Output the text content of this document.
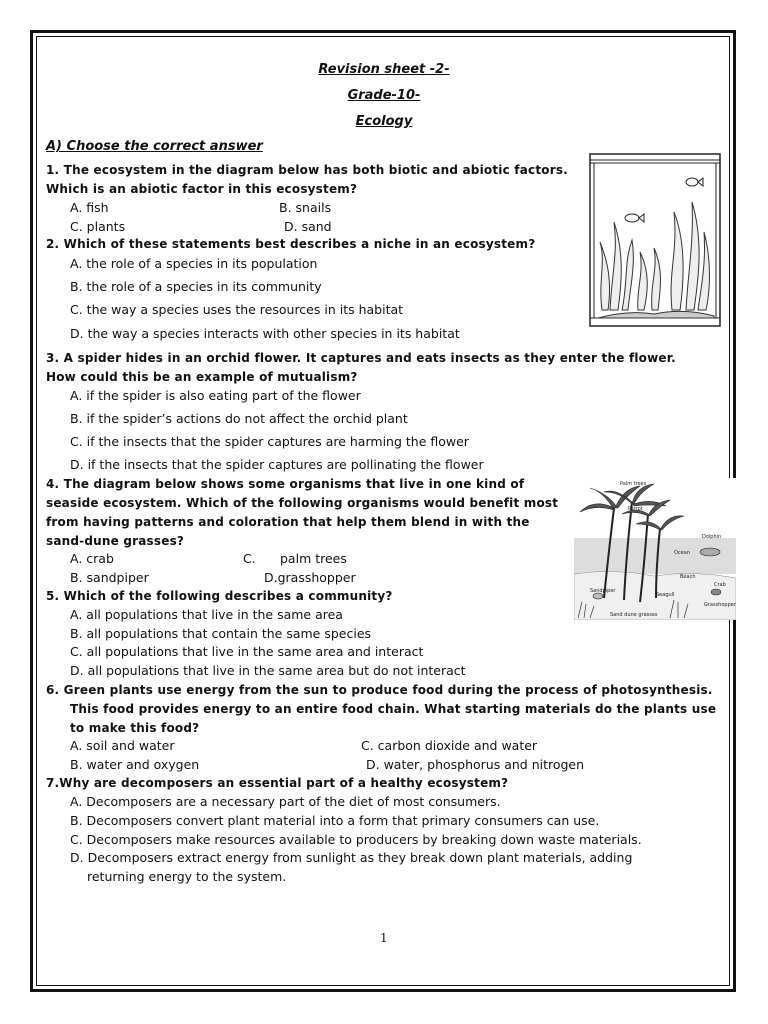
Revision sheet -2-
Grade-10-
Ecology
A) Choose the correct answer
1. The ecosystem in the diagram below has both biotic and abiotic factors.
Which is an abiotic factor in this ecosystem?
A. fish	B. snails
C. plants	D. sand
2. Which of these statements best describes a niche in an ecosystem?
A. the role of a species in its population
B. the role of a species in its community
C. the way a species uses the resources in its habitat
D. the way a species interacts with other species in its habitat
3. A spider hides in an orchid flower. It captures and eats insects as they enter the flower.
How could this be an example of mutualism?
A. if the spider is also eating part of the flower
B. if the spider’s actions do not affect the orchid plant
C. if the insects that the spider captures are harming the flower
D. if the insects that the spider captures are pollinating the flower
4. The diagram below shows some organisms that live in one kind of
seaside ecosystem. Which of the following organisms would benefit most
from having patterns and coloration that help them blend in with the
sand-dune grasses?
A. crab	C. palm trees
B. sandpiper	D.grasshopper
Palm trees
Parrot
Dolphin
Ocean
Beach
Crab
Sandpiper
Seagull
Grasshopper
Sand dune grasses
5. Which of the following describes a community?
A. all populations that live in the same area
B. all populations that contain the same species
C. all populations that live in the same area and interact
D. all populations that live in the same area but do not interact
6. Green plants use energy from the sun to produce food during the process of photosynthesis.
This food provides energy to an entire food chain. What starting materials do the plants use
to make this food?
A. soil and water	C. carbon dioxide and water
B. water and oxygen	D. water, phosphorus and nitrogen
7.Why are decomposers an essential part of a healthy ecosystem?
A. Decomposers are a necessary part of the diet of most consumers.
B. Decomposers convert plant material into a form that primary consumers can use.
C. Decomposers make resources available to producers by breaking down waste materials.
D. Decomposers extract energy from sunlight as they break down plant materials, adding
returning energy to the system.
1
